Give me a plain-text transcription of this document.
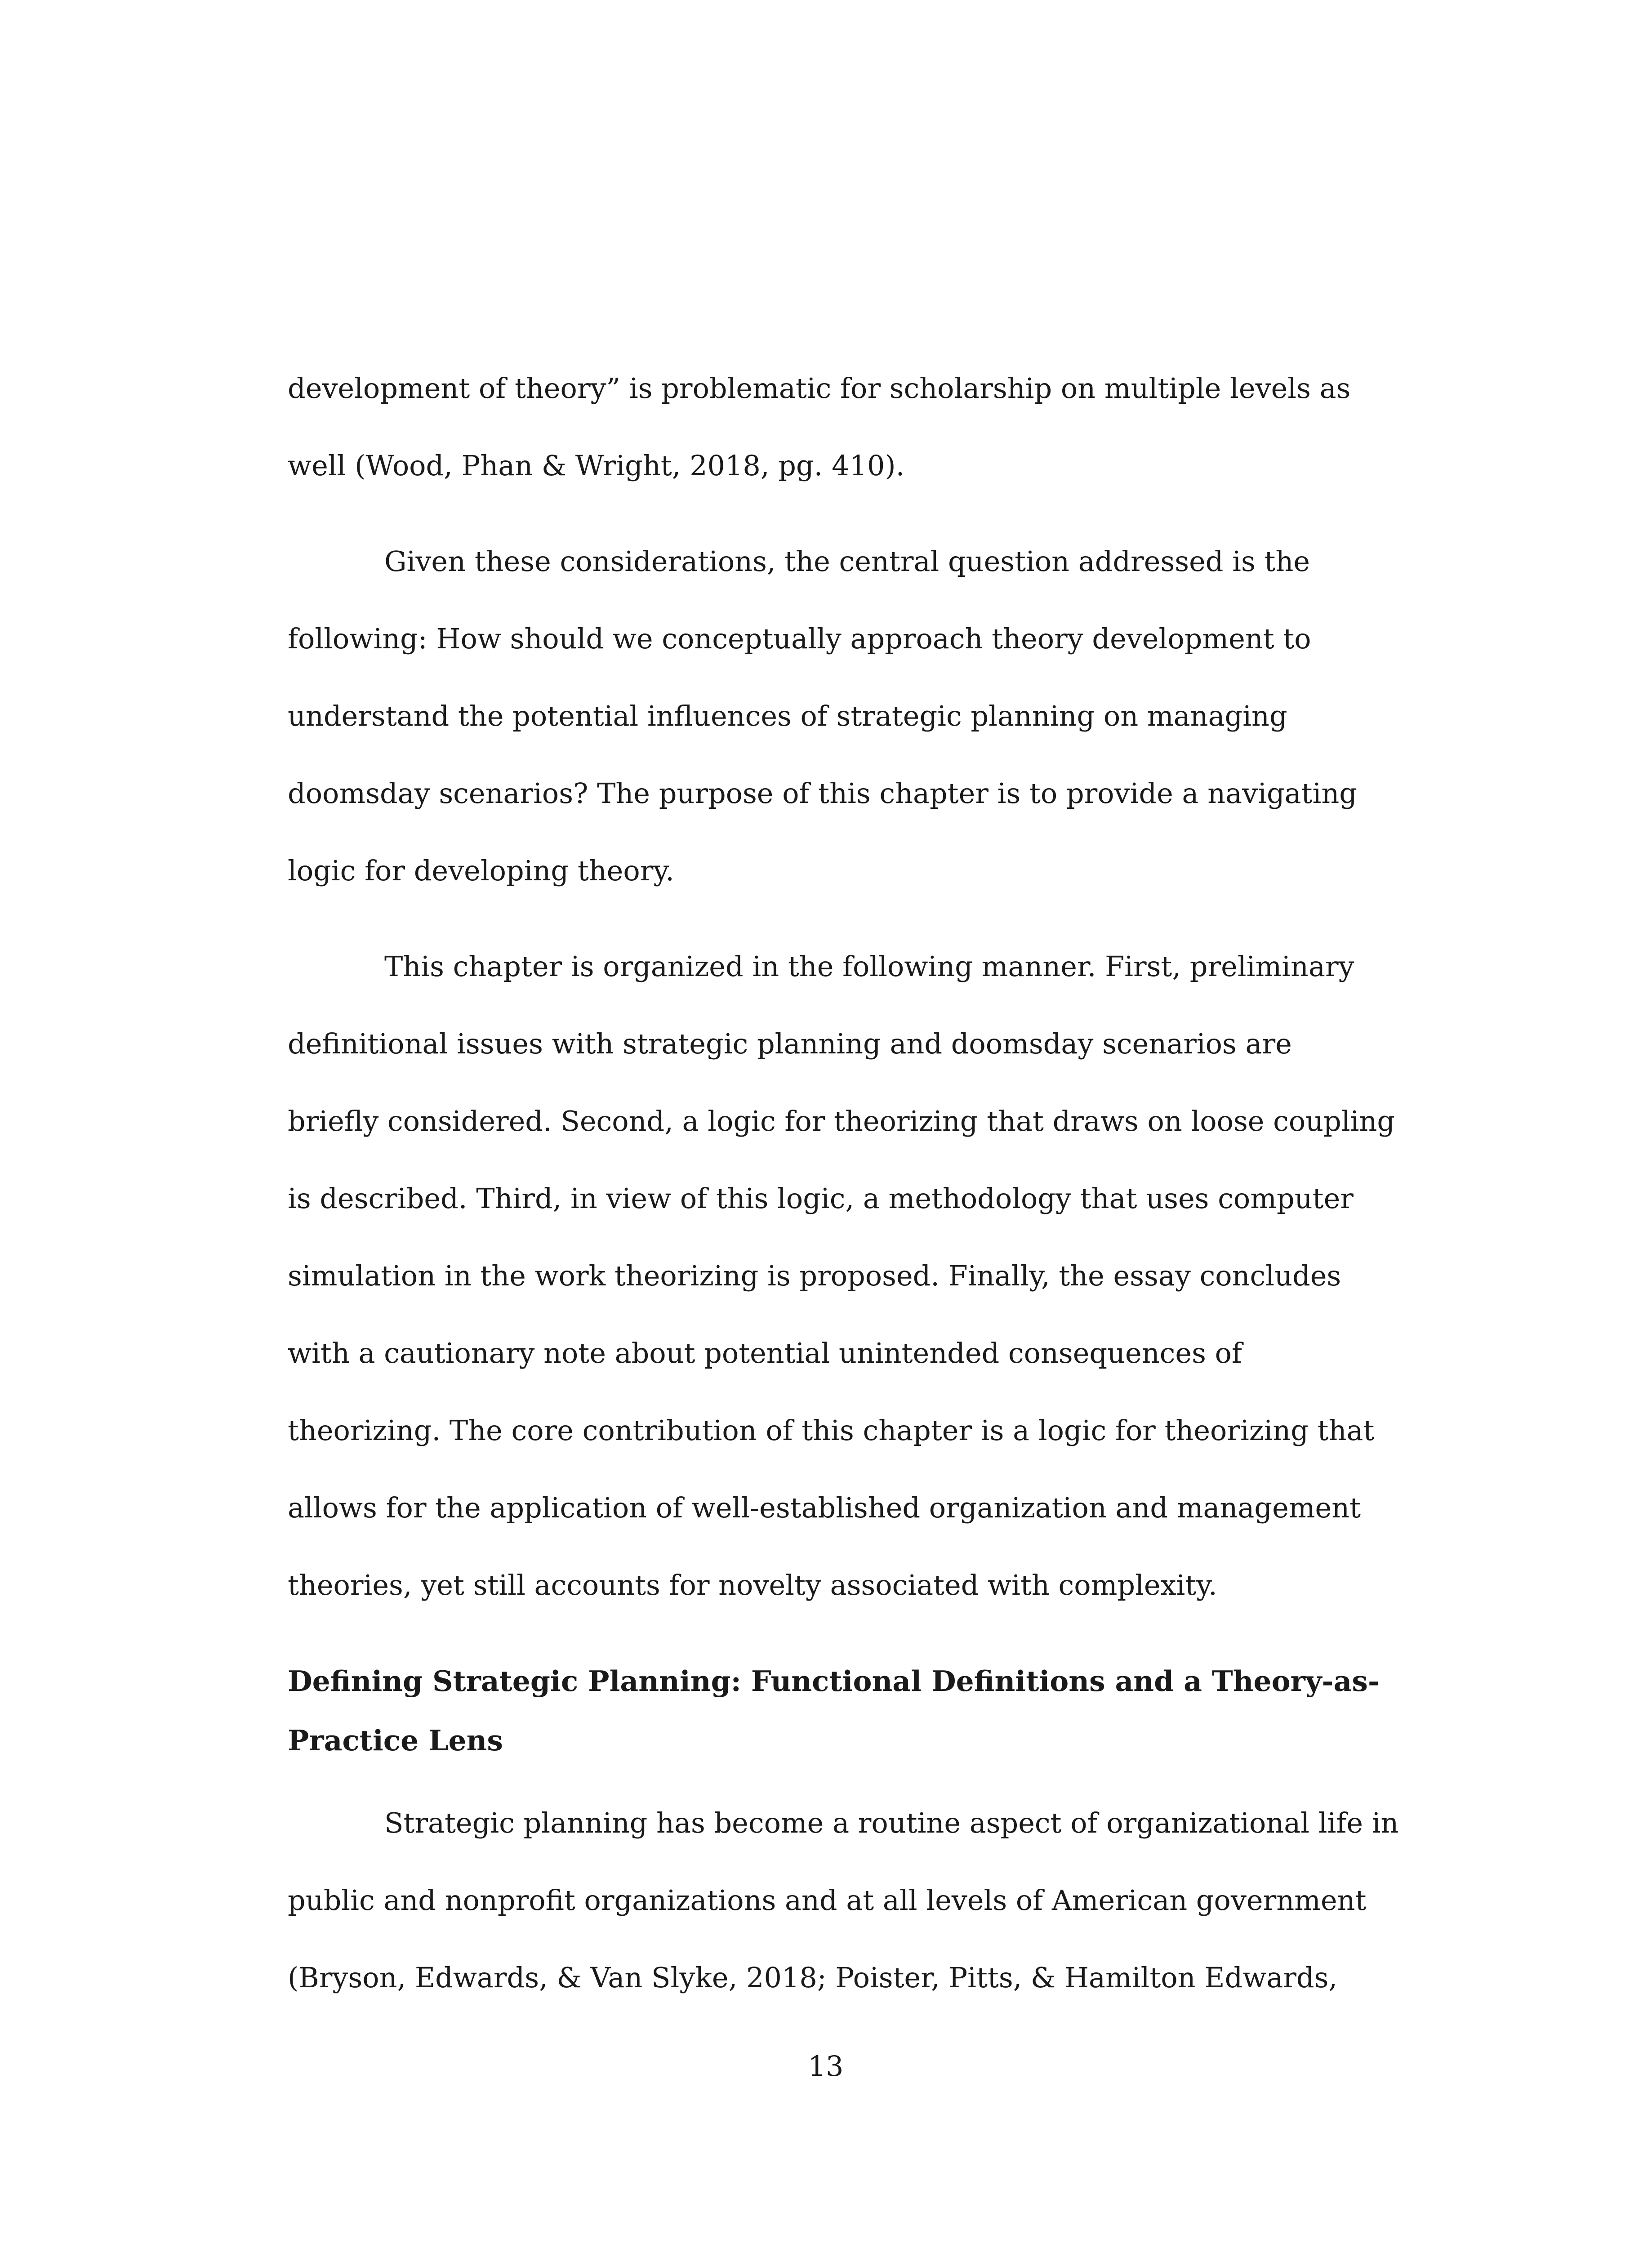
development of theory” is problematic for scholarship on multiple levels as
well (Wood, Phan & Wright, 2018, pg. 410).
Given these considerations, the central question addressed is the
following: How should we conceptually approach theory development to
understand the potential influences of strategic planning on managing
doomsday scenarios? The purpose of this chapter is to provide a navigating
logic for developing theory.
This chapter is organized in the following manner. First, preliminary
definitional issues with strategic planning and doomsday scenarios are
briefly considered. Second, a logic for theorizing that draws on loose coupling
is described. Third, in view of this logic, a methodology that uses computer
simulation in the work theorizing is proposed. Finally, the essay concludes
with a cautionary note about potential unintended consequences of
theorizing. The core contribution of this chapter is a logic for theorizing that
allows for the application of well-established organization and management
theories, yet still accounts for novelty associated with complexity.
Defining Strategic Planning: Functional Definitions and a Theory-as-
Practice Lens
Strategic planning has become a routine aspect of organizational life in
public and nonprofit organizations and at all levels of American government
(Bryson, Edwards, & Van Slyke, 2018; Poister, Pitts, & Hamilton Edwards,
13
